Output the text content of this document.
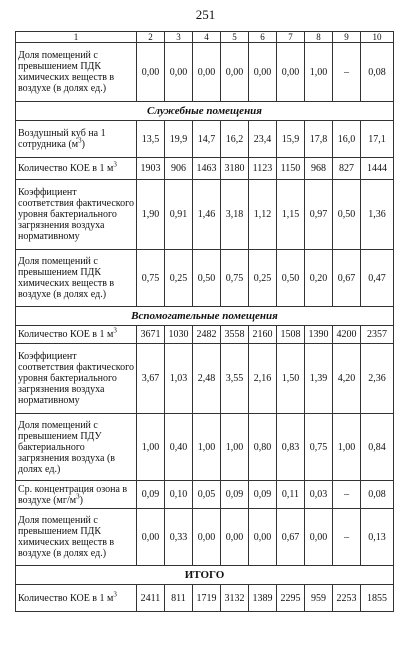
251
1	2	3	4	5	6	7	8	9	10
Доля помещений с превышением ПДК химических веществ в воздухе (в долях ед.)	0,00	0,00	0,00	0,00	0,00	0,00	1,00	–	0,08
Служебные помещения									
Воздушный куб на 1 сотрудника $(м^3)$	13,5	19,9	14,7	16,2	23,4	15,9	17,8	16,0	17,1
Количество КОЕ в 1 $м^3$	1903	906	1463	3180	1123	1150	968	827	1444
Коэффициент соответствия фактического уровня бактериального загрязнения воздуха нормативному	1,90	0,91	1,46	3,18	1,12	1,15	0,97	0,50	1,36
Доля помещений с превышением ПДК химических веществ в воздухе (в долях ед.)	0,75	0,25	0,50	0,75	0,25	0,50	0,20	0,67	0,47
Вспомогательные помещения									
Количество КОЕ в 1 $м^3$	3671	1030	2482	3558	2160	1508	1390	4200	2357
Коэффициент соответствия фактического уровня бактериального загрязнения воздуха нормативному	3,67	1,03	2,48	3,55	2,16	1,50	1,39	4,20	2,36
Доля помещений с превышением ПДУ бактериального загрязнения воздуха (в долях ед.)	1,00	0,40	1,00	1,00	0,80	0,83	0,75	1,00	0,84
Ср. концентрация озона в воздухе $(мг/м^3)$	0,09	0,10	0,05	0,09	0,09	0,11	0,03	–	0,08
Доля помещений с превышением ПДК химических веществ в воздухе (в долях ед.)	0,00	0,33	0,00	0,00	0,00	0,67	0,00	–	0,13
ИТОГО									
Количество КОЕ в 1 $м^3$	2411	811	1719	3132	1389	2295	959	2253	1855
